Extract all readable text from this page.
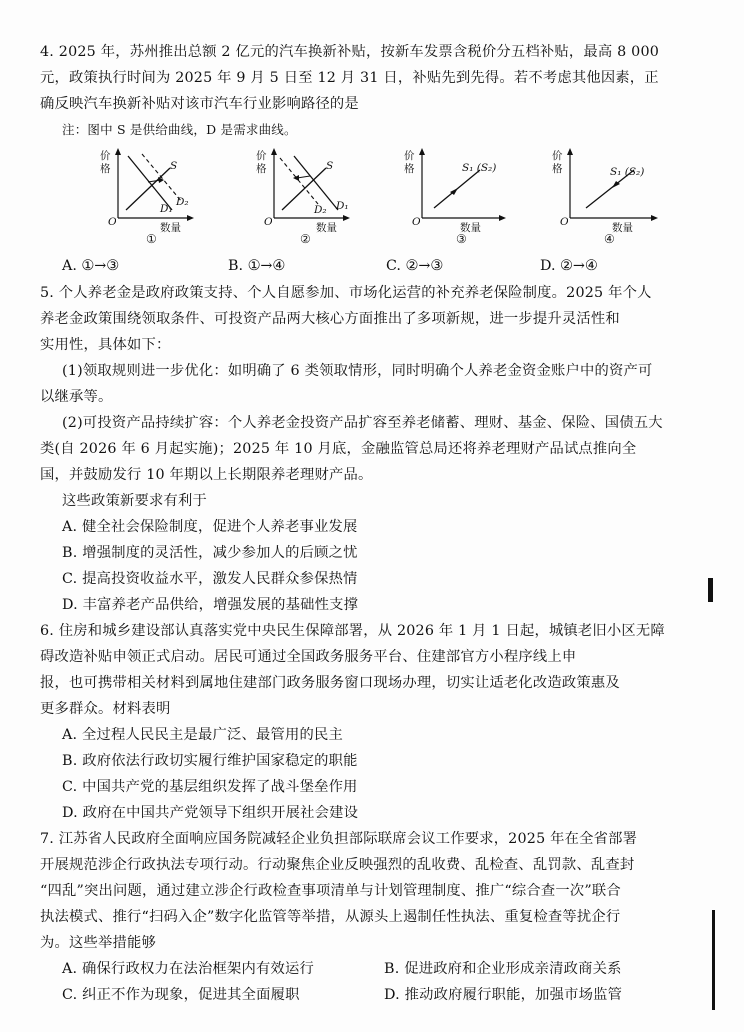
4. 2025 年，苏州推出总额 2 亿元的汽车换新补贴，按新车发票含税价分五档补贴，最高 8 000
元，政策执行时间为 2025 年 9 月 5 日至 12 月 31 日，补贴先到先得。若不考虑其他因素，正
确反映汽车换新补贴对该市汽车行业影响路径的是
注：图中 S 是供给曲线，D 是需求曲线。
价
格
O	数量
S
D₁
D₂
①
价
格
O	数量
S
D₁
D₂
②
价
格
O	数量
S₁ (S₂)
③
价
格
O	数量
S₁ (S₂)
④
A. ①→③	B. ①→④	C. ②→③	D. ②→④
5. 个人养老金是政府政策支持、个人自愿参加、市场化运营的补充养老保险制度。2025 年个人
养老金政策围绕领取条件、可投资产品两大核心方面推出了多项新规，进一步提升灵活性和
实用性，具体如下：
(1)领取规则进一步优化：如明确了 6 类领取情形，同时明确个人养老金资金账户中的资产可
以继承等。
(2)可投资产品持续扩容：个人养老金投资产品扩容至养老储蓄、理财、基金、保险、国债五大
类(自 2026 年 6 月起实施)；2025 年 10 月底，金融监管总局还将养老理财产品试点推向全
国，并鼓励发行 10 年期以上长期限养老理财产品。
这些政策新要求有利于
A. 健全社会保险制度，促进个人养老事业发展
B. 增强制度的灵活性，减少参加人的后顾之忧
C. 提高投资收益水平，激发人民群众参保热情
D. 丰富养老产品供给，增强发展的基础性支撑
6. 住房和城乡建设部认真落实党中央民生保障部署，从 2026 年 1 月 1 日起，城镇老旧小区无障
碍改造补贴申领正式启动。居民可通过全国政务服务平台、住建部官方小程序线上申
报，也可携带相关材料到属地住建部门政务服务窗口现场办理，切实让适老化改造政策惠及
更多群众。材料表明
A. 全过程人民民主是最广泛、最管用的民主
B. 政府依法行政切实履行维护国家稳定的职能
C. 中国共产党的基层组织发挥了战斗堡垒作用
D. 政府在中国共产党领导下组织开展社会建设
7. 江苏省人民政府全面响应国务院减轻企业负担部际联席会议工作要求，2025 年在全省部署
开展规范涉企行政执法专项行动。行动聚焦企业反映强烈的乱收费、乱检查、乱罚款、乱查封
“四乱”突出问题，通过建立涉企行政检查事项清单与计划管理制度、推广“综合查一次”联合
执法模式、推行“扫码入企”数字化监管等举措，从源头上遏制任性执法、重复检查等扰企行
为。这些举措能够
A. 确保行政权力在法治框架内有效运行	B. 促进政府和企业形成亲清政商关系
C. 纠正不作为现象，促进其全面履职	D. 推动政府履行职能，加强市场监管
